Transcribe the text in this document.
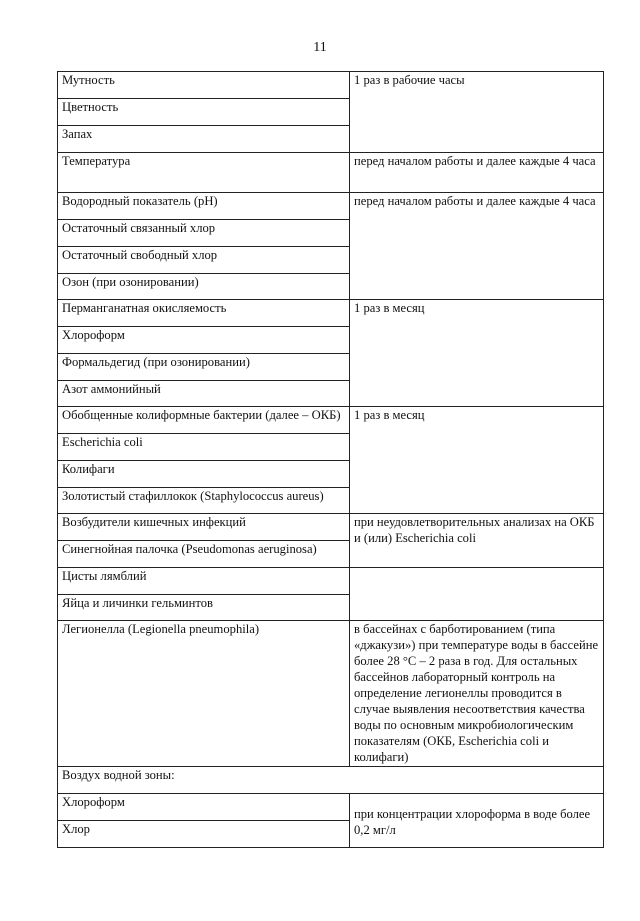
11
Мутность	1 раз в рабочие часы
Цветность	
Запах	
Температура	перед началом работы и далее каждые 4 часа
Водородный показатель (pH)	перед началом работы и далее каждые 4 часа
Остаточный связанный хлор	
Остаточный свободный хлор	
Озон (при озонировании)	
Перманганатная окисляемость	1 раз в месяц
Хлороформ	
Формальдегид (при озонировании)	
Азот аммонийный	
Обобщенные колиформные бактерии (далее – ОКБ)	1 раз в месяц
Escherichia coli	
Колифаги	
Золотистый стафиллокок (Staphylococcus aureus)	
Возбудители кишечных инфекций	при неудовлетворительных анализах на ОКБ и (или) Escherichia coli
Синегнойная палочка (Pseudomonas aeruginosa)	
Цисты лямблий	
Яйца и личинки гельминтов	
Легионелла (Legionella pneumophila)	в бассейнах с барботированием (типа «джакузи») при температуре воды в бассейне более 28 °С – 2 раза в год. Для остальных бассейнов лабораторный контроль на определение легионеллы проводится в случае выявления несоответствия качества воды по основным микробиологическим показателям (ОКБ, Escherichia coli и колифаги)
Воздух водной зоны:	
Хлороформ	при концентрации хлороформа в воде более 0,2 мг/л
Хлор	
